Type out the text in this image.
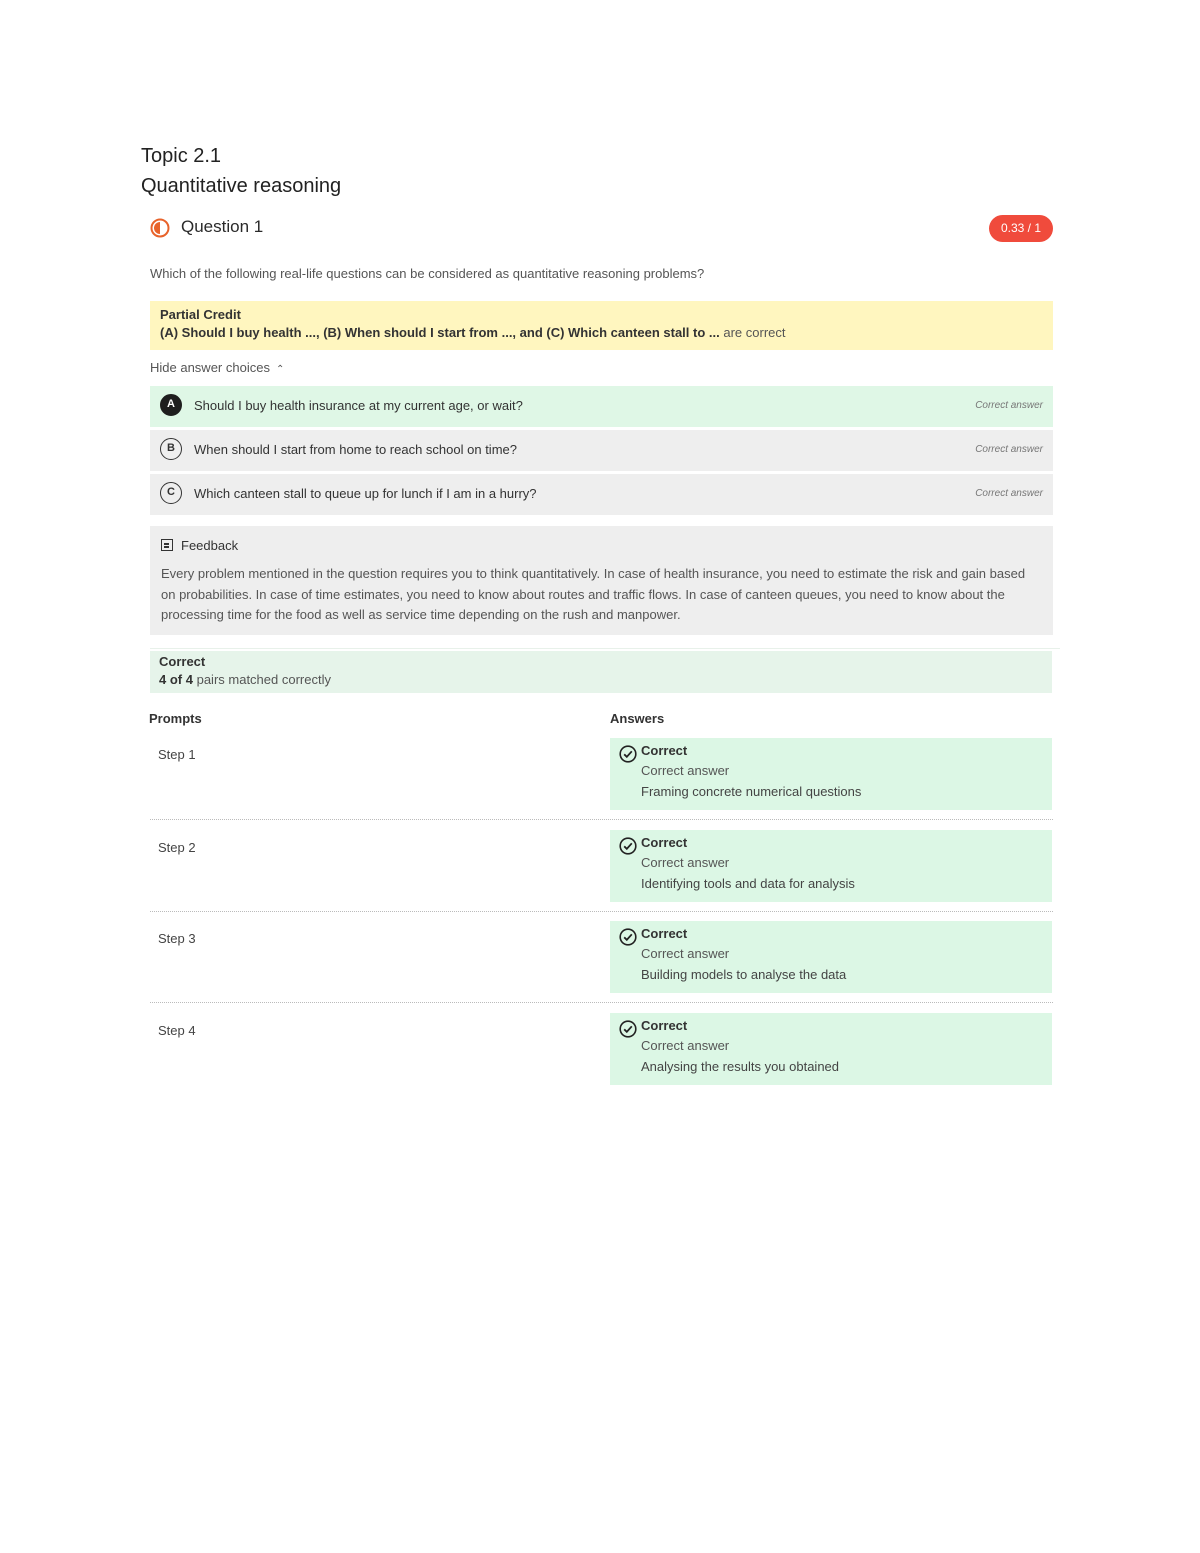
Topic 2.1
Quantitative reasoning
Question 1	0.33 / 1
Which of the following real-life questions can be considered as quantitative reasoning problems?
Partial Credit
(A) Should I buy health ..., (B) When should I start from ..., and (C) Which canteen stall to ... are correct
Hide answer choices ⌃
A	Should I buy health insurance at my current age, or wait?	Correct answer
B	When should I start from home to reach school on time?	Correct answer
C	Which canteen stall to queue up for lunch if I am in a hurry?	Correct answer
Feedback
Every problem mentioned in the question requires you to think quantitatively. In case of health insurance, you need to estimate the risk and gain based on probabilities. In case of time estimates, you need to know about routes and traffic flows. In case of canteen queues, you need to know about the processing time for the food as well as service time depending on the rush and manpower.
Correct
4 of 4 pairs matched correctly
Prompts	Answers
Step 1	Correct
Correct answer
Framing concrete numerical questions
Step 2	Correct
Correct answer
Identifying tools and data for analysis
Step 3	Correct
Correct answer
Building models to analyse the data
Step 4	Correct
Correct answer
Analysing the results you obtained
